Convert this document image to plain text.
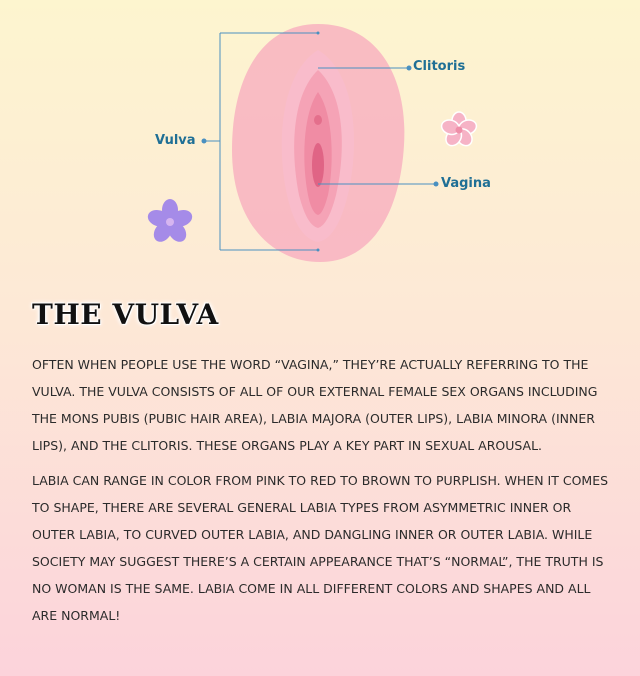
Vulva
Clitoris
Vagina
THE VULVA

OFTEN WHEN PEOPLE USE THE WORD “VAGINA,” THEY’RE ACTUALLY REFERRING TO THE VULVA. THE VULVA CONSISTS OF ALL OF OUR EXTERNAL FEMALE SEX ORGANS INCLUDING THE MONS PUBIS (PUBIC HAIR AREA), LABIA MAJORA (OUTER LIPS), LABIA MINORA (INNER LIPS), AND THE CLITORIS. THESE ORGANS PLAY A KEY PART IN SEXUAL AROUSAL.

LABIA CAN RANGE IN COLOR FROM PINK TO RED TO BROWN TO PURPLISH. WHEN IT COMES TO SHAPE, THERE ARE SEVERAL GENERAL LABIA TYPES FROM ASYMMETRIC INNER OR OUTER LABIA, TO CURVED OUTER LABIA, AND DANGLING INNER OR OUTER LABIA. WHILE SOCIETY MAY SUGGEST THERE’S A CERTAIN APPEARANCE THAT’S “NORMAL”, THE TRUTH IS NO WOMAN IS THE SAME. LABIA COME IN ALL DIFFERENT COLORS AND SHAPES AND ALL ARE NORMAL!
